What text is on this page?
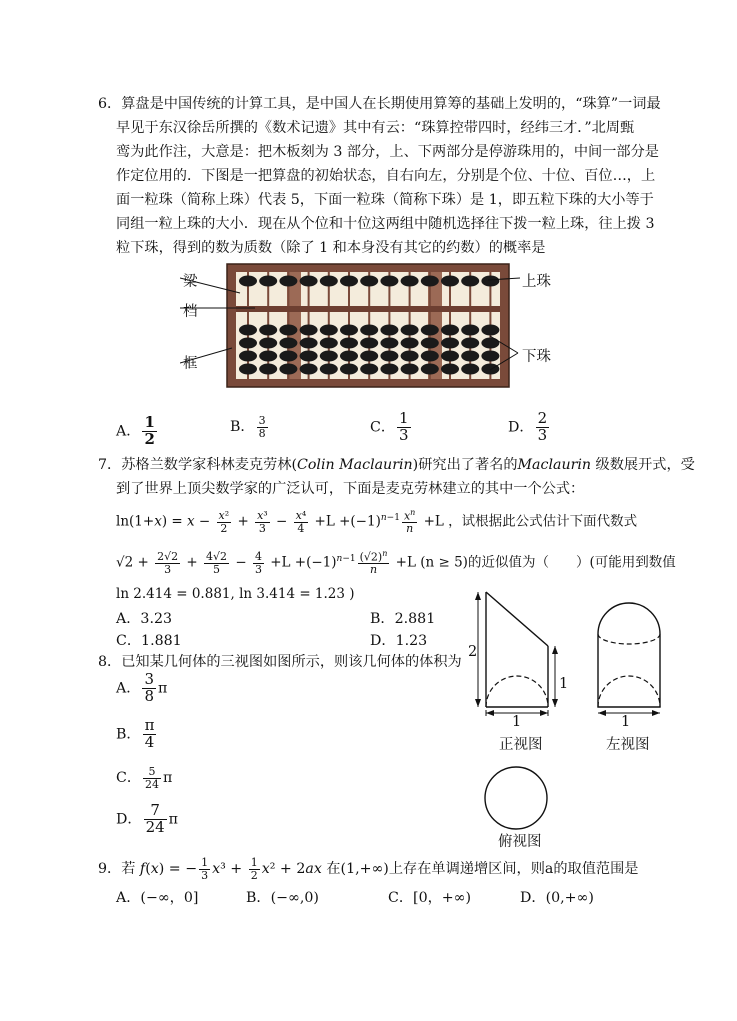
6．算盘是中国传统的计算工具，是中国人在长期使用算筹的基础上发明的，“珠算”一词最
早见于东汉徐岳所撰的《数术记遗》其中有云：“珠算控带四时，经纬三才．”北周甄
鸾为此作注，大意是：把木板刻为 3 部分，上、下两部分是停游珠用的，中间一部分是
作定位用的．下图是一把算盘的初始状态，自右向左，分别是个位、十位、百位…，上
面一粒珠（简称上珠）代表 5，下面一粒珠（简称下珠）是 1，即五粒下珠的大小等于
同组一粒上珠的大小．现在从个位和十位这两组中随机选择往下拨一粒上珠，往上拨 3
粒下珠，得到的数为质数（除了 1 和本身没有其它的约数）的概率是
梁
档
框
上珠
下珠
A． $\frac{1}{2}$	B． $\frac{3}{8}$	C． $\frac{1}{3}$	D． $\frac{2}{3}$
7．苏格兰数学家科林麦克劳林(Colin Maclaurin)研究出了著名的Maclaurin 级数展开式，受
到了世界上顶尖数学家的广泛认可，下面是麦克劳林建立的其中一个公式：
$\ln(1+x) = x - \frac{\text{x²}}{2} + \frac{\text{x³}}{3} - \frac{\text{x⁴}}{4} +L +(-1)^{n-1} \frac{x^n}{n} +L$ ，试根据此公式估计下面代数式
$√2 + \frac{2√2}{3} + \frac{4√2}{5} - \frac{4}{3} +L +(-1)^{n-1} \frac{(√2)^n}{n} +L$ (n ≥ 5)的近似值为（　　）(可能用到数值
ln 2.414 = 0.881, ln 3.414 = 1.23 )
A．3.23	B．2.881
C．1.881	D．1.23
8．已知某几何体的三视图如图所示，则该几何体的体积为
A． $\frac{3}{8}$ π
B． $\frac{\pi}{4}$
C． $\frac{5}{24}$ π
D． $\frac{7}{24}$ π
2
1
1	1
正视图	左视图
俯视图
9．若 f(x) = − $\frac{1}{3} x^3 + \frac{1}{2} x^2 + 2ax$ 在(1,+∞)上存在单调递增区间，则a的取值范围是
A．(−∞，0]	B．(−∞,0)	C．[0，+∞)	D．(0,+∞)
